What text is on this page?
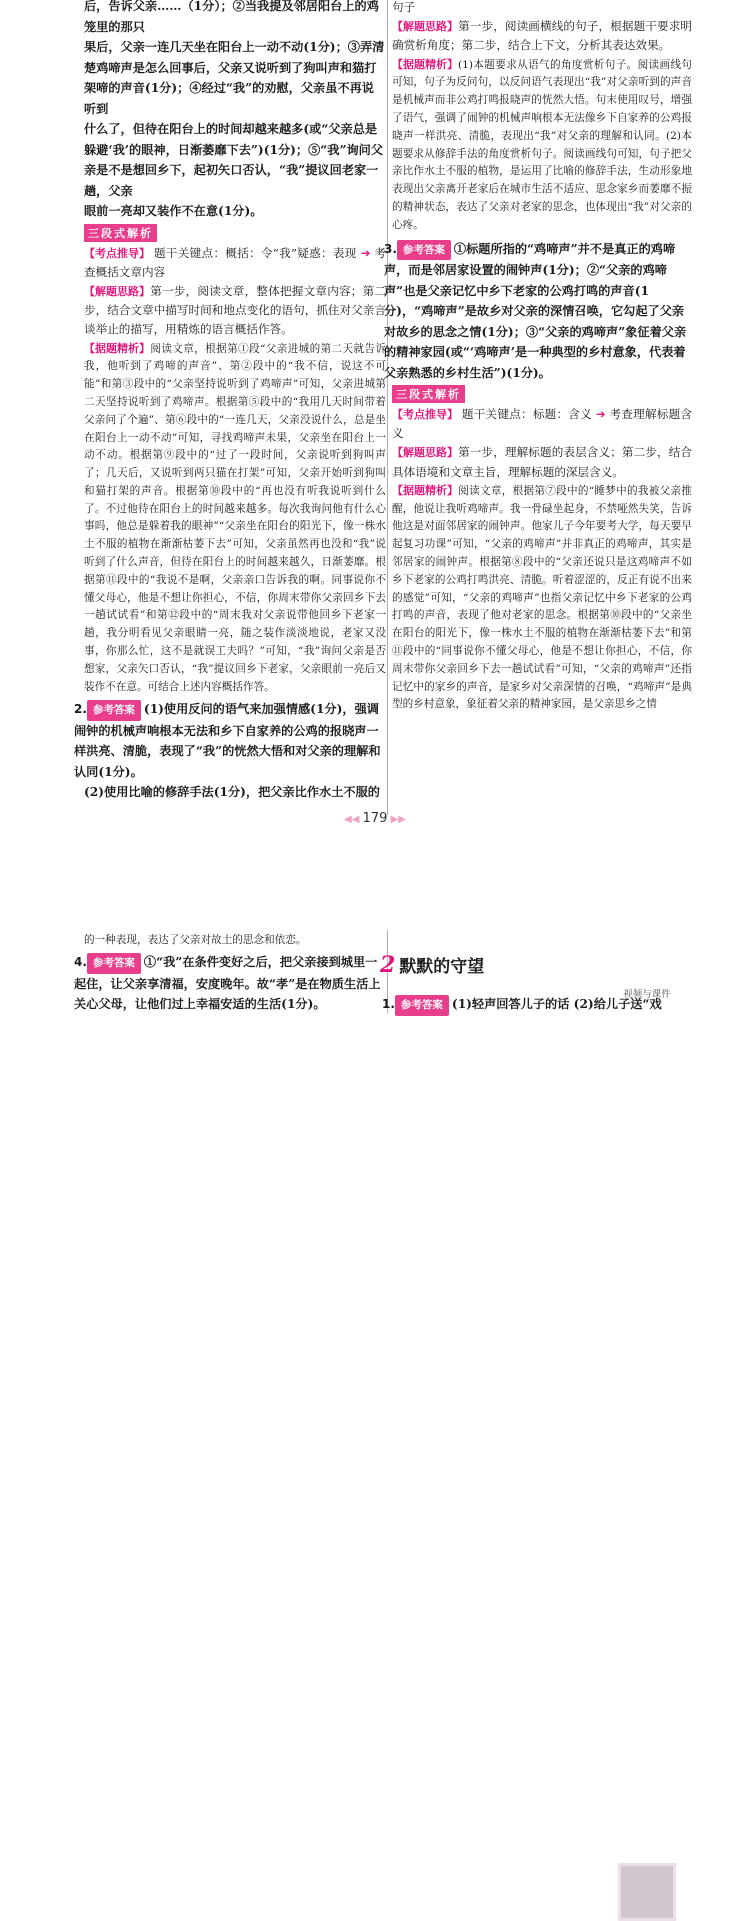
后，告诉父亲……（1分）；②当我提及邻居阳台上的鸡笼里的那只

果后，父亲一连几天坐在阳台上一动不动(1分)；③弄清

楚鸡啼声是怎么回事后，父亲又说听到了狗叫声和猫打

架啼的声音(1分)；④经过“我”的劝慰，父亲虽不再说听到

什么了，但待在阳台上的时间却越来越多(或“父亲总是

躲避‘我’的眼神，日渐萎靡下去”)(1分)；⑤“我”询问父

亲是不是想回乡下，起初矢口否认，“我”提议回老家一趟，父亲

眼前一亮却又装作不在意(1分)。

三段式解析
【考点推导】 题干关键点：概括：令“我”疑惑：表现 ➔ 考查概括文章内容
【解题思路】第一步，阅读文章，整体把握文章内容；第二步，结合文章中描写时间和地点变化的语句，抓住对父亲言谈举止的描写，用精炼的语言概括作答。
【据题精析】阅读文章，根据第①段“父亲进城的第二天就告诉我，他听到了鸡啼的声音”、第②段中的“我不信，说这不可能”和第③段中的“父亲坚持说听到了鸡啼声”可知，父亲进城第二天坚持说听到了鸡啼声。根据第⑤段中的“我用几天时间带着父亲问了个遍”、第⑥段中的“一连几天，父亲没说什么，总是坐在阳台上一动不动”可知，寻找鸡啼声未果，父亲坐在阳台上一动不动。根据第⑨段中的“过了一段时间，父亲说听到狗叫声了；几天后，又说听到两只猫在打架”可知，父亲开始听到狗叫和猫打架的声音。根据第⑩段中的“再也没有听我说听到什么了。不过他待在阳台上的时间越来越多。每次我询问他有什么心事吗，他总是躲着我的眼神”“父亲坐在阳台的阳光下，像一株水土不服的植物在渐渐枯萎下去”可知，父亲虽然再也没和“我”说听到了什么声音，但待在阳台上的时间越来越久，日渐萎靡。根据第⑪段中的“我说不是啊，父亲亲口告诉我的啊。同事说你不懂父母心，他是不想让你担心，不信，你周末带你父亲回乡下去一趟试试看”和第⑫段中的“周末我对父亲说带他回乡下老家一趟，我分明看见父亲眼睛一亮，随之装作淡淡地说，老家又没事，你那么忙，这不是就误工夫吗？”可知，“我”询问父亲是否想家，父亲矢口否认，“我”提议回乡下老家，父亲眼前一亮后又装作不在意。可结合上述内容概括作答。
2. 参考答案 (1)使用反问的语气来加强情感(1分)，强调闹钟的机械声响根本无法和乡下自家养的公鸡的报晓声一样洪亮、清脆，表现了“我”的恍然大悟和对父亲的理解和认同(1分)。
(2)使用比喻的修辞手法(1分)，把父亲比作水土不服的
句子
【解题思路】第一步，阅读画横线的句子，根据题干要求明确赏析角度；第二步，结合上下文，分析其表达效果。
【据题精析】(1)本题要求从语气的角度赏析句子。阅读画线句可知，句子为反问句，以反问语气表现出“我”对父亲听到的声音是机械声而非公鸡打鸣报晓声的恍然大悟。句末使用叹号，增强了语气，强调了闹钟的机械声响根本无法像乡下自家养的公鸡报晓声一样洪亮、清脆，表现出“我”对父亲的理解和认同。(2)本题要求从修辞手法的角度赏析句子。阅读画线句可知，句子把父亲比作水土不服的植物，是运用了比喻的修辞手法，生动形象地表现出父亲离开老家后在城市生活不适应、思念家乡而萎靡不振的精神状态，表达了父亲对老家的思念，也体现出“我”对父亲的心疼。
3. 参考答案 ①标题所指的“鸡啼声”并不是真正的鸡啼声，而是邻居家设置的闹钟声(1分)；②“父亲的鸡啼声”也是父亲记忆中乡下老家的公鸡打鸣的声音(1分)，“鸡啼声”是故乡对父亲的深情召唤，它勾起了父亲对故乡的思念之情(1分)；③“父亲的鸡啼声”象征着父亲的精神家园(或“‘鸡啼声’是一种典型的乡村意象，代表着父亲熟悉的乡村生活”)(1分)。
三段式解析
【考点推导】 题干关键点：标题：含义 ➔ 考查理解标题含义
【解题思路】第一步，理解标题的表层含义；第二步，结合具体语境和文章主旨，理解标题的深层含义。
【据题精析】阅读文章，根据第⑦段中的“睡梦中的我被父亲推醒，他说让我听鸡啼声。我一骨碌坐起身，不禁哑然失笑，告诉他这是对面邻居家的闹钟声。他家儿子今年要考大学，每天要早起复习功课”可知，“父亲的鸡啼声”并非真正的鸡啼声，其实是邻居家的闹钟声。根据第⑧段中的“父亲还说只是这鸡啼声不如乡下老家的公鸡打鸣洪亮、清脆。听着涩涩的，反正有说不出来的感觉”可知，“父亲的鸡啼声”也指父亲记忆中乡下老家的公鸡打鸣的声音，表现了他对老家的思念。根据第⑩段中的“父亲坐在阳台的阳光下，像一株水土不服的植物在渐渐枯萎下去”和第⑪段中的“同事说你不懂父母心，他是不想让你担心，不信，你周末带你父亲回乡下去一趟试试看”可知，“父亲的鸡啼声”还指记忆中的家乡的声音，是家乡对父亲深情的召唤，“鸡啼声”是典型的乡村意象，象征着父亲的精神家园，是父亲思乡之情
◀◀ 179 ▶▶
的一种表现，表达了父亲对故土的思念和依恋。
4. 参考答案 ①“我”在条件变好之后，把父亲接到城里一起住，让父亲享清福，安度晚年。故“孝”是在物质生活上关心父母，让他们过上幸福安适的生活(1分)。
2 默默的守望
视频与课件
1. 参考答案 (1)轻声回答儿子的话 (2)给儿子送“戏
